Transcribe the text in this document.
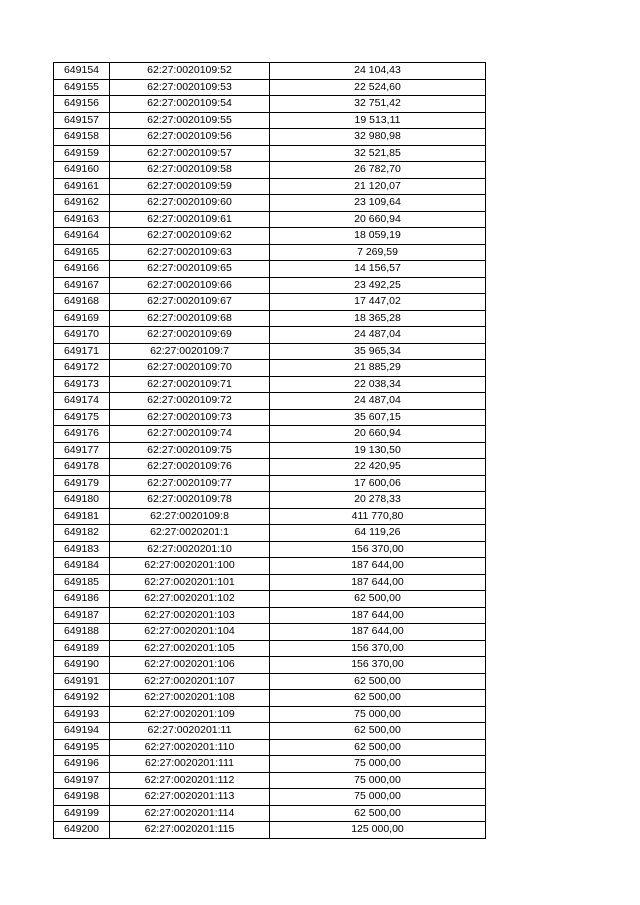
649154	62:27:0020109:52	24 104,43
649155	62:27:0020109:53	22 524,60
649156	62:27:0020109:54	32 751,42
649157	62:27:0020109:55	19 513,11
649158	62:27:0020109:56	32 980,98
649159	62:27:0020109:57	32 521,85
649160	62:27:0020109:58	26 782,70
649161	62:27:0020109:59	21 120,07
649162	62:27:0020109:60	23 109,64
649163	62:27:0020109:61	20 660,94
649164	62:27:0020109:62	18 059,19
649165	62:27:0020109:63	7 269,59
649166	62:27:0020109:65	14 156,57
649167	62:27:0020109:66	23 492,25
649168	62:27:0020109:67	17 447,02
649169	62:27:0020109:68	18 365,28
649170	62:27:0020109:69	24 487,04
649171	62:27:0020109:7	35 965,34
649172	62:27:0020109:70	21 885,29
649173	62:27:0020109:71	22 038,34
649174	62:27:0020109:72	24 487,04
649175	62:27:0020109:73	35 607,15
649176	62:27:0020109:74	20 660,94
649177	62:27:0020109:75	19 130,50
649178	62:27:0020109:76	22 420,95
649179	62:27:0020109:77	17 600,06
649180	62:27:0020109:78	20 278,33
649181	62:27:0020109:8	411 770,80
649182	62:27:0020201:1	64 119,26
649183	62:27:0020201:10	156 370,00
649184	62:27:0020201:100	187 644,00
649185	62:27:0020201:101	187 644,00
649186	62:27:0020201:102	62 500,00
649187	62:27:0020201:103	187 644,00
649188	62:27:0020201:104	187 644,00
649189	62:27:0020201:105	156 370,00
649190	62:27:0020201:106	156 370,00
649191	62:27:0020201:107	62 500,00
649192	62:27:0020201:108	62 500,00
649193	62:27:0020201:109	75 000,00
649194	62:27:0020201:11	62 500,00
649195	62:27:0020201:110	62 500,00
649196	62:27:0020201:111	75 000,00
649197	62:27:0020201:112	75 000,00
649198	62:27:0020201:113	75 000,00
649199	62:27:0020201:114	62 500,00
649200	62:27:0020201:115	125 000,00
